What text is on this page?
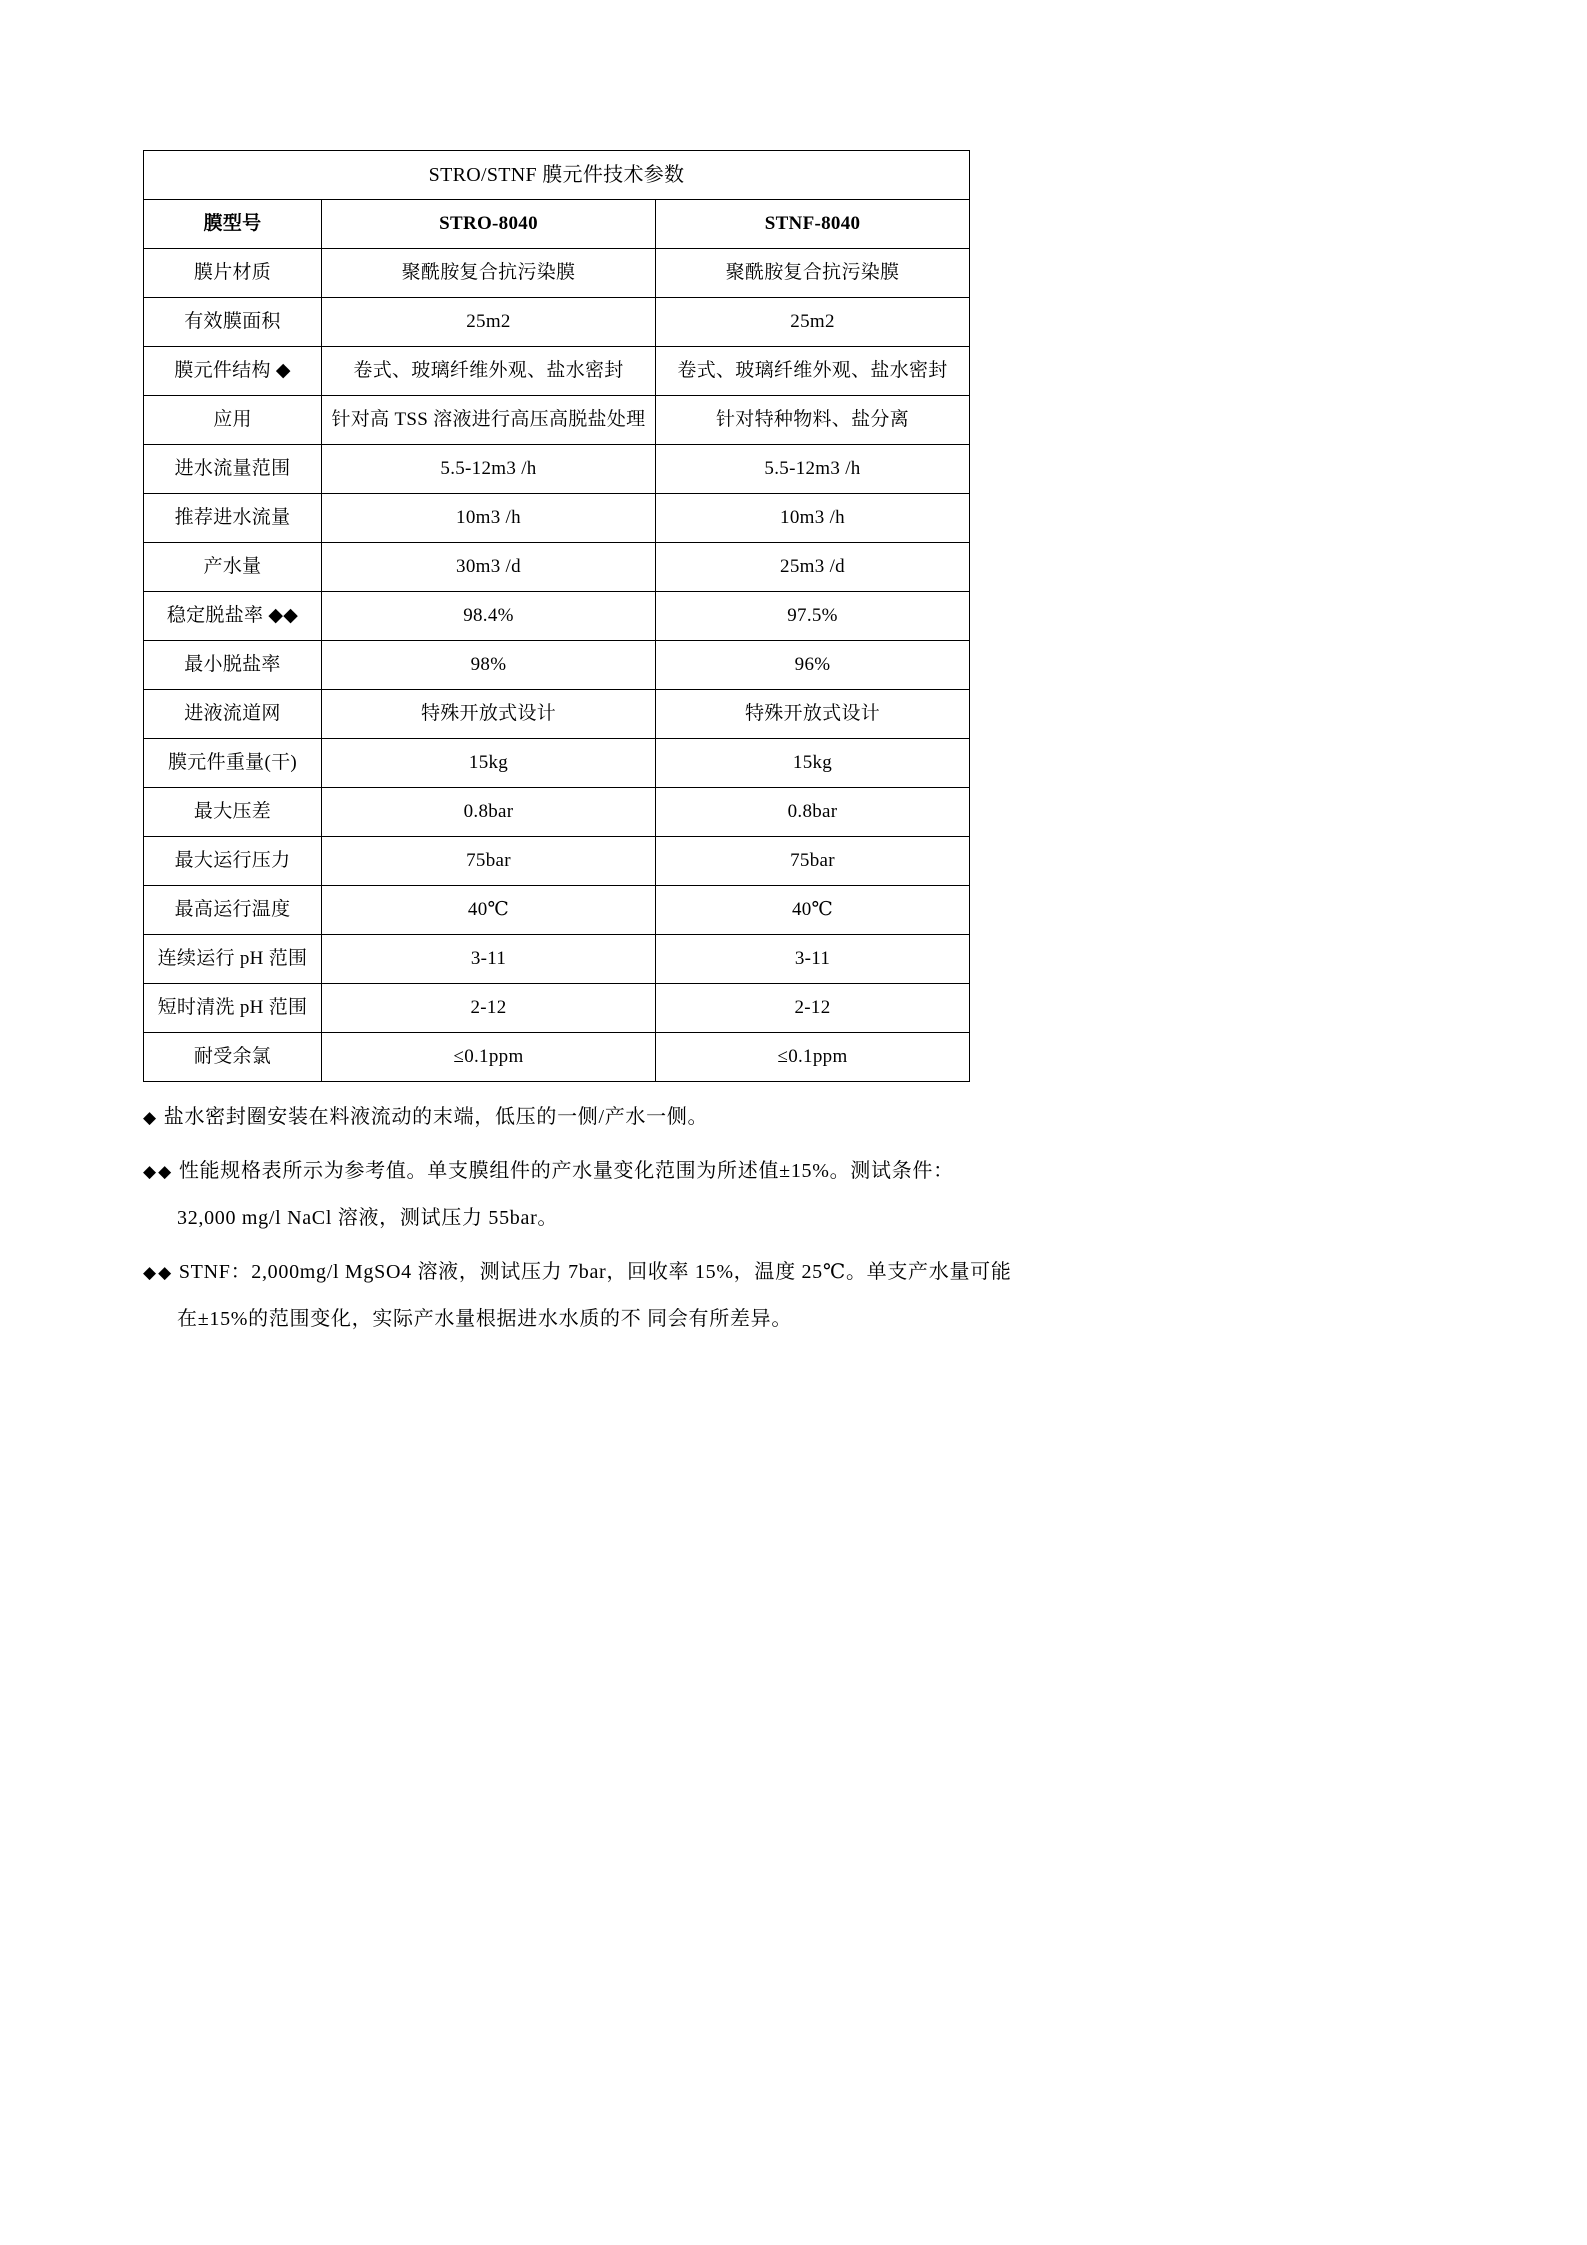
STRO/STNF 膜元件技术参数		
膜型号	STRO-8040	STNF-8040
膜片材质	聚酰胺复合抗污染膜	聚酰胺复合抗污染膜
有效膜面积	25m2	25m2
膜元件结构 ◆	卷式、玻璃纤维外观、盐水密封	卷式、玻璃纤维外观、盐水密封
应用	针对高 TSS 溶液进行高压高脱盐处理	针对特种物料、盐分离
进水流量范围	5.5-12m3 /h	5.5-12m3 /h
推荐进水流量	10m3 /h	10m3 /h
产水量	30m3 /d	25m3 /d
稳定脱盐率 ◆◆	98.4%	97.5%
最小脱盐率	98%	96%
进液流道网	特殊开放式设计	特殊开放式设计
膜元件重量(干)	15kg	15kg
最大压差	0.8bar	0.8bar
最大运行压力	75bar	75bar
最高运行温度	40℃	40℃
连续运行 pH 范围	3-11	3-11
短时清洗 pH 范围	2-12	2-12
耐受余氯	≤0.1ppm	≤0.1ppm
◆ 盐水密封圈安装在料液流动的末端，低压的一侧/产水一侧。
◆◆ 性能规格表所示为参考值。单支膜组件的产水量变化范围为所述值±15%。测试条件：
32,000 mg/l NaCl 溶液，测试压力 55bar。
◆◆ STNF：2,000mg/l MgSO4 溶液，测试压力 7bar，回收率 15%，温度 25℃。单支产水量可能
在±15%的范围变化，实际产水量根据进水水质的不 同会有所差异。
